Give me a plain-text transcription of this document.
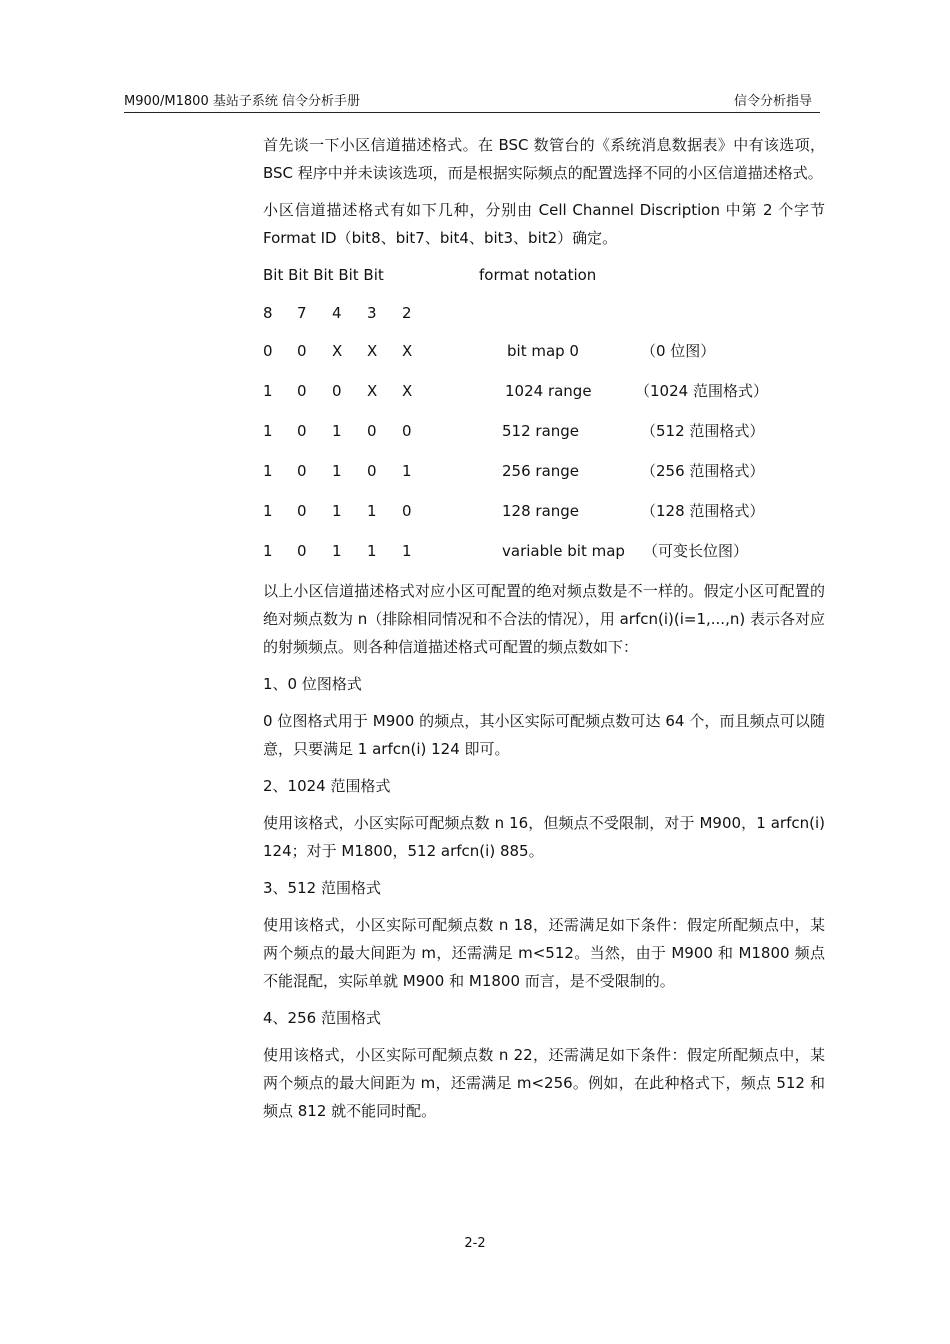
M900/M1800 基站子系统 信令分析手册	信令分析指导

首先谈一下小区信道描述格式。在 BSC 数管台的《系统消息数据表》中有该选项，BSC 程序中并未读该选项，而是根据实际频点的配置选择不同的小区信道描述格式。

小区信道描述格式有如下几种，分别由 Cell Channel Discription 中第 2 个字节 Format ID（bit8、bit7、bit4、bit3、bit2）确定。

Bit Bit Bit Bit Bit	format notation
8 7 4 3 2
0 0 X X X	bit map 0	（0 位图）
1 0 0 X X	1024 range	（1024 范围格式）
1 0 1 0 0	512 range	（512 范围格式）
1 0 1 0 1	256 range	（256 范围格式）
1 0 1 1 0	128 range	（128 范围格式）
1 0 1 1 1	variable bit map （可变长位图）

以上小区信道描述格式对应小区可配置的绝对频点数是不一样的。假定小区可配置的绝对频点数为 n（排除相同情况和不合法的情况），用 arfcn(i)(i=1,...,n) 表示各对应的射频频点。则各种信道描述格式可配置的频点数如下：

1、0 位图格式

0 位图格式用于 M900 的频点，其小区实际可配频点数可达 64 个，而且频点可以随意，只要满足 1 arfcn(i) 124 即可。

2、1024 范围格式

使用该格式，小区实际可配频点数 n 16，但频点不受限制，对于 M900，1 arfcn(i) 124；对于 M1800，512 arfcn(i) 885。

3、512 范围格式

使用该格式，小区实际可配频点数 n 18，还需满足如下条件：假定所配频点中，某两个频点的最大间距为 m，还需满足 m<512。当然，由于 M900 和 M1800 频点不能混配，实际单就 M900 和 M1800 而言，是不受限制的。

4、256 范围格式

使用该格式，小区实际可配频点数 n 22，还需满足如下条件：假定所配频点中，某两个频点的最大间距为 m，还需满足 m<256。例如，在此种格式下，频点 512 和频点 812 就不能同时配。

2-2
